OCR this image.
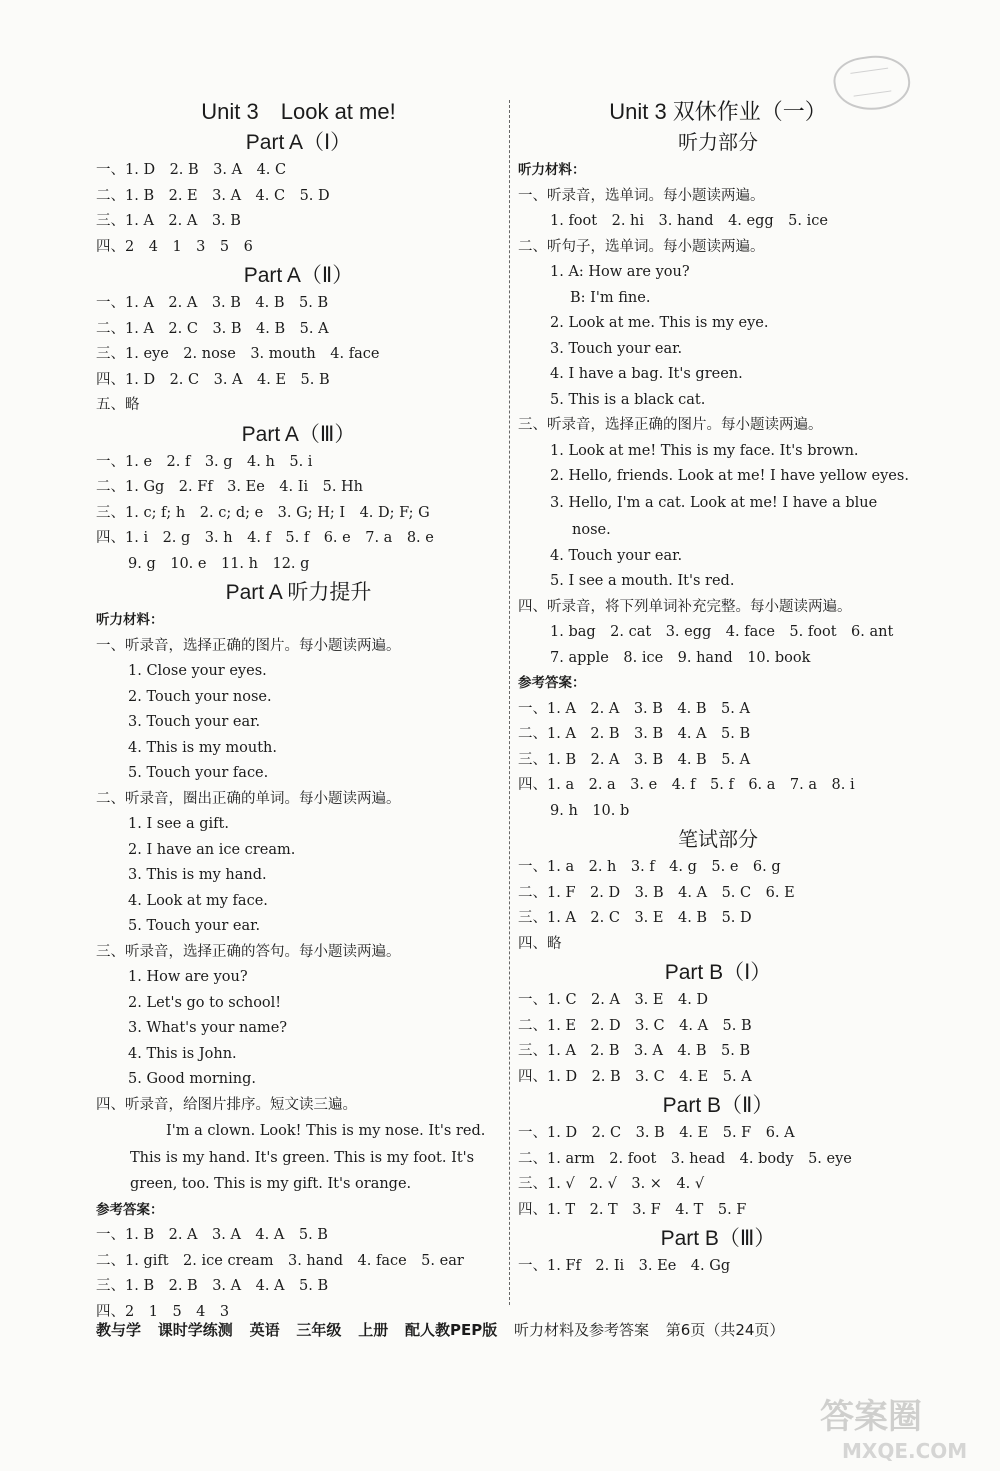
Unit 3　Look at me!
Part A（Ⅰ）
一、1. D　2. B　3. A　4. C
二、1. B　2. E　3. A　4. C　5. D
三、1. A　2. A　3. B
四、2　4　1　3　5　6
Part A（Ⅱ）
一、1. A　2. A　3. B　4. B　5. B
二、1. A　2. C　3. B　4. B　5. A
三、1. eye　2. nose　3. mouth　4. face
四、1. D　2. C　3. A　4. E　5. B
五、略
Part A（Ⅲ）
一、1. e　2. f　3. g　4. h　5. i
二、1. Gg　2. Ff　3. Ee　4. Ii　5. Hh
三、1. c; f; h　2. c; d; e　3. G; H; I　4. D; F; G
四、1. i　2. g　3. h　4. f　5. f　6. e　7. a　8. e
9. g　10. e　11. h　12. g
Part A 听力提升
听力材料：
一、听录音，选择正确的图片。每小题读两遍。
1. Close your eyes.
2. Touch your nose.
3. Touch your ear.
4. This is my mouth.
5. Touch your face.
二、听录音，圈出正确的单词。每小题读两遍。
1. I see a gift.
2. I have an ice cream.
3. This is my hand.
4. Look at my face.
5. Touch your ear.
三、听录音，选择正确的答句。每小题读两遍。
1. How are you?
2. Let's go to school!
3. What's your name?
4. This is John.
5. Good morning.
四、听录音，给图片排序。短文读三遍。

I'm a clown. Look! This is my nose. It's red. This is my hand. It's green. This is my foot. It's green, too. This is my gift. It's orange.

参考答案：
一、1. B　2. A　3. A　4. A　5. B
二、1. gift　2. ice cream　3. hand　4. face　5. ear
三、1. B　2. B　3. A　4. A　5. B
四、2　1　5　4　3
Unit 3 双休作业（一）
听力部分
听力材料：
一、听录音，选单词。每小题读两遍。
1. foot　2. hi　3. hand　4. egg　5. ice
二、听句子，选单词。每小题读两遍。
1. A: How are you?
B: I'm fine.
2. Look at me. This is my eye.
3. Touch your ear.
4. I have a bag. It's green.
5. This is a black cat.
三、听录音，选择正确的图片。每小题读两遍。
1. Look at me! This is my face. It's brown.
2. Hello, friends. Look at me! I have yellow eyes.
3. Hello, I'm a cat. Look at me! I have a blue nose.
4. Touch your ear.
5. I see a mouth. It's red.
四、听录音，将下列单词补充完整。每小题读两遍。
1. bag　2. cat　3. egg　4. face　5. foot　6. ant
7. apple　8. ice　9. hand　10. book
参考答案：
一、1. A　2. A　3. B　4. B　5. A
二、1. A　2. B　3. B　4. A　5. B
三、1. B　2. A　3. B　4. B　5. A
四、1. a　2. a　3. e　4. f　5. f　6. a　7. a　8. i
9. h　10. b
笔试部分
一、1. a　2. h　3. f　4. g　5. e　6. g
二、1. F　2. D　3. B　4. A　5. C　6. E
三、1. A　2. C　3. E　4. B　5. D
四、略
Part B（Ⅰ）
一、1. C　2. A　3. E　4. D
二、1. E　2. D　3. C　4. A　5. B
三、1. A　2. B　3. A　4. B　5. B
四、1. D　2. B　3. C　4. E　5. A
Part B（Ⅱ）
一、1. D　2. C　3. B　4. E　5. F　6. A
二、1. arm　2. foot　3. head　4. body　5. eye
三、1. √　2. √　3. ×　4. √
四、1. T　2. T　3. F　4. T　5. F
Part B（Ⅲ）
一、1. Ff　2. Ii　3. Ee　4. Gg
教与学 课时学练测 英语 三年级 上册 配人教PEP版 听力材料及参考答案 第6页（共24页）
答案圈
MXQE.COM
